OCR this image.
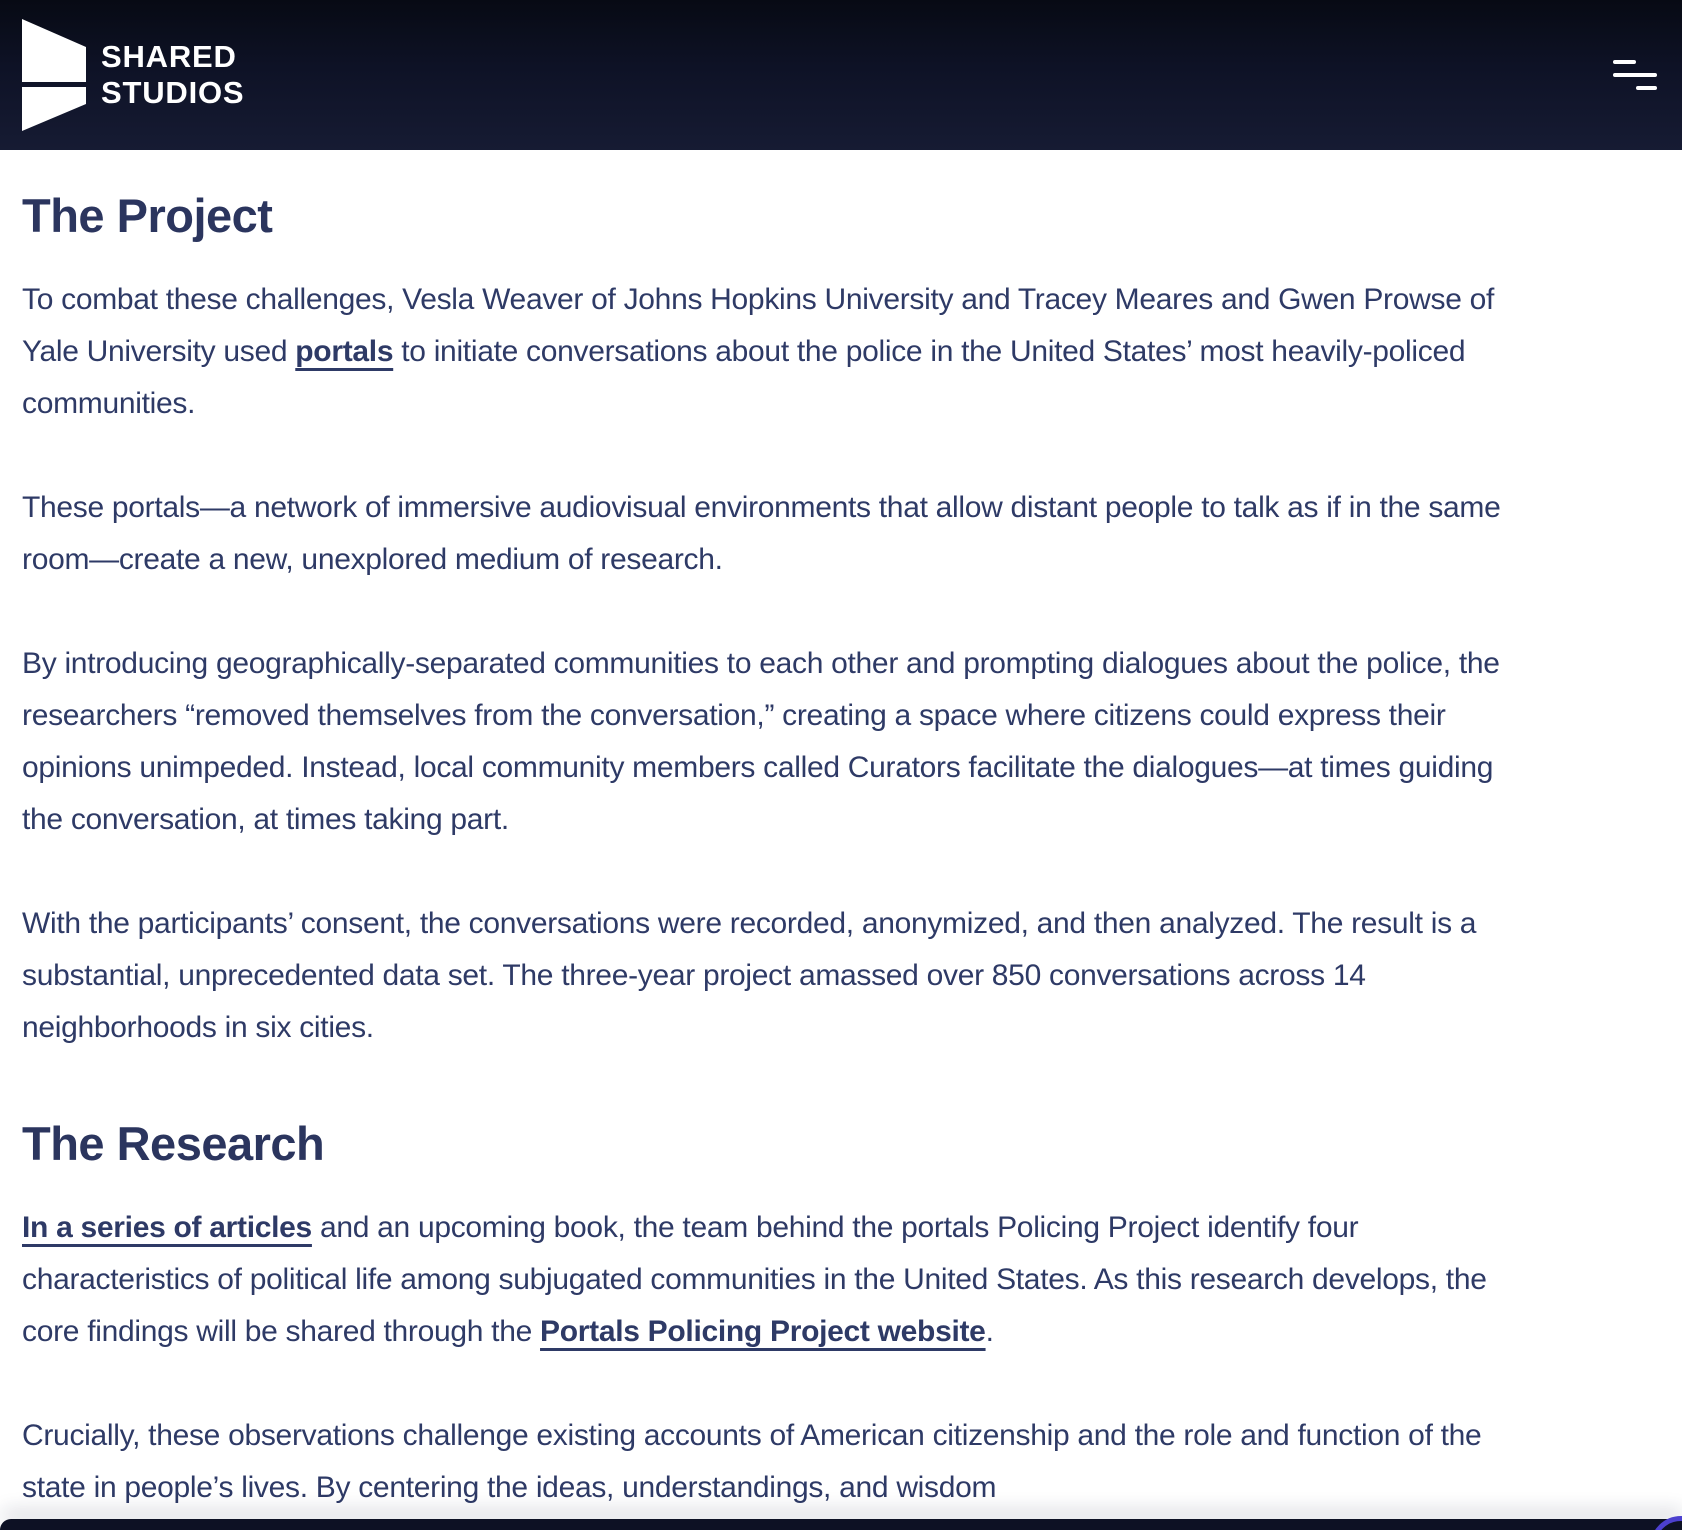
SHARED
STUDIOS
The Project

To combat these challenges, Vesla Weaver of Johns Hopkins University and Tracey Meares and Gwen Prowse of Yale University used portals to initiate conversations about the police in the United States’ most heavily-policed communities.

These portals—a network of immersive audiovisual environments that allow distant people to talk as if in the same room—create a new, unexplored medium of research.

By introducing geographically-separated communities to each other and prompting dialogues about the police, the researchers “removed themselves from the conversation,” creating a space where citizens could express their opinions unimpeded. Instead, local community members called Curators facilitate the dialogues—at times guiding the conversation, at times taking part.

With the participants’ consent, the conversations were recorded, anonymized, and then analyzed. The result is a substantial, unprecedented data set. The three-year project amassed over 850 conversations across 14 neighborhoods in six cities.

The Research

In a series of articles and an upcoming book, the team behind the portals Policing Project identify four characteristics of political life among subjugated communities in the United States. As this research develops, the core findings will be shared through the Portals Policing Project website.

Crucially, these observations challenge existing accounts of American citizenship and the role and function of the state in people’s lives. By centering the ideas, understandings, and wisdom
